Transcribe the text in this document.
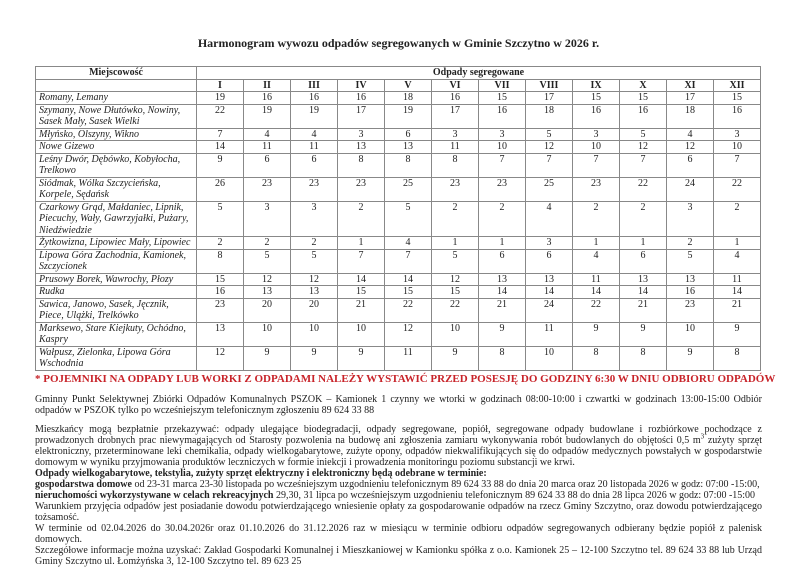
Harmonogram wywozu odpadów segregowanych w Gminie Szczytno w 2026 r.
Miejscowość	Odpady segregowane											
	I	II	III	IV	V	VI	VII	VIII	IX	X	XI	XII
Romany, Lemany	19	16	16	16	18	16	15	17	15	15	17	15
Szymany, Nowe Dłutówko, Nowiny, Sasek Mały, Sasek Wielki	22	19	19	17	19	17	16	18	16	16	18	16
Młyńsko, Olszyny, Wikno	7	4	4	3	6	3	3	5	3	5	4	3
Nowe Gizewo	14	11	11	13	13	11	10	12	10	12	12	10
Leśny Dwór, Dębówko, Kobyłocha, Trelkowo	9	6	6	8	8	8	7	7	7	7	6	7
Siódmak, Wólka Szczycieńska, Korpele, Sędańsk	26	23	23	23	25	23	23	25	23	22	24	22
Czarkowy Grąd, Małdaniec, Lipnik, Piecuchy, Wały, Gawrzyjałki, Pużary, Niedźwiedzie	5	3	3	2	5	2	2	4	2	2	3	2
Żytkowizna, Lipowiec Mały, Lipowiec	2	2	2	1	4	1	1	3	1	1	2	1
Lipowa Góra Zachodnia, Kamionek, Szczycionek	8	5	5	7	7	5	6	6	4	6	5	4
Prusowy Borek, Wawrochy, Płozy	15	12	12	14	14	12	13	13	11	13	13	11
Rudka	16	13	13	15	15	15	14	14	14	14	16	14
Sawica, Janowo, Sasek, Jęcznik, Piece, Ulążki, Trelkówko	23	20	20	21	22	22	21	24	22	21	23	21
Marksewo, Stare Kiejkuty, Ochódno, Kaspry	13	10	10	10	12	10	9	11	9	9	10	9
Wałpusz, Zielonka, Lipowa Góra Wschodnia	12	9	9	9	11	9	8	10	8	8	9	8
* POJEMNIKI NA ODPADY LUB WORKI Z ODPADAMI NALEŻY WYSTAWIĆ PRZED POSESJĘ DO GODZINY 6:30 W DNIU ODBIORU ODPADÓW
Gminny Punkt Selektywnej Zbiórki Odpadów Komunalnych PSZOK – Kamionek 1 czynny we wtorki w godzinach 08:00-10:00 i czwartki w godzinach 13:00-15:00 Odbiór odpadów w PSZOK tylko po wcześniejszym telefonicznym zgłoszeniu 89 624 33 88
Mieszkańcy mogą bezpłatnie przekazywać: odpady ulegające biodegradacji, odpady segregowane, popiół, segregowane odpady budowlane i rozbiórkowe pochodzące z prowadzonych drobnych prac niewymagających od Starosty pozwolenia na budowę ani zgłoszenia zamiaru wykonywania robót budowlanych do objętości 0,5 $m^3$ zużyty sprzęt elektroniczny, przeterminowane leki chemikalia, odpady wielkogabarytowe, zużyte opony, odpadów niekwalifikujących się do odpadów medycznych powstałych w gospodarstwie domowym w wyniku przyjmowania produktów leczniczych w formie iniekcji i prowadzenia monitoringu poziomu substancji we krwi.
Odpady wielkogabarytowe, tekstylia, zużyty sprzęt elektryczny i elektroniczny będą odebrane w terminie:
gospodarstwa domowe od 23-31 marca 23-30 listopada po wcześniejszym uzgodnieniu telefonicznym 89 624 33 88 do dnia 20 marca oraz 20 listopada 2026 w godz: 07:00 -15:00,
nieruchomości wykorzystywane w celach rekreacyjnych 29,30, 31 lipca po wcześniejszym uzgodnieniu telefonicznym 89 624 33 88 do dnia 28 lipca 2026 w godz: 07:00 -15:00
Warunkiem przyjęcia odpadów jest posiadanie dowodu potwierdzającego wniesienie opłaty za gospodarowanie odpadów na rzecz Gminy Szczytno, oraz dowodu potwierdzającego tożsamość.
W terminie od 02.04.2026 do 30.04.2026r oraz 01.10.2026 do 31.12.2026 raz w miesiącu w terminie odbioru odpadów segregowanych odbierany będzie popiół z palenisk domowych.
Szczegółowe informacje można uzyskać: Zakład Gospodarki Komunalnej i Mieszkaniowej w Kamionku spółka z o.o. Kamionek 25 – 12-100 Szczytno tel. 89 624 33 88 lub Urząd Gminy Szczytno ul. Łomżyńska 3, 12-100 Szczytno tel. 89 623 25
